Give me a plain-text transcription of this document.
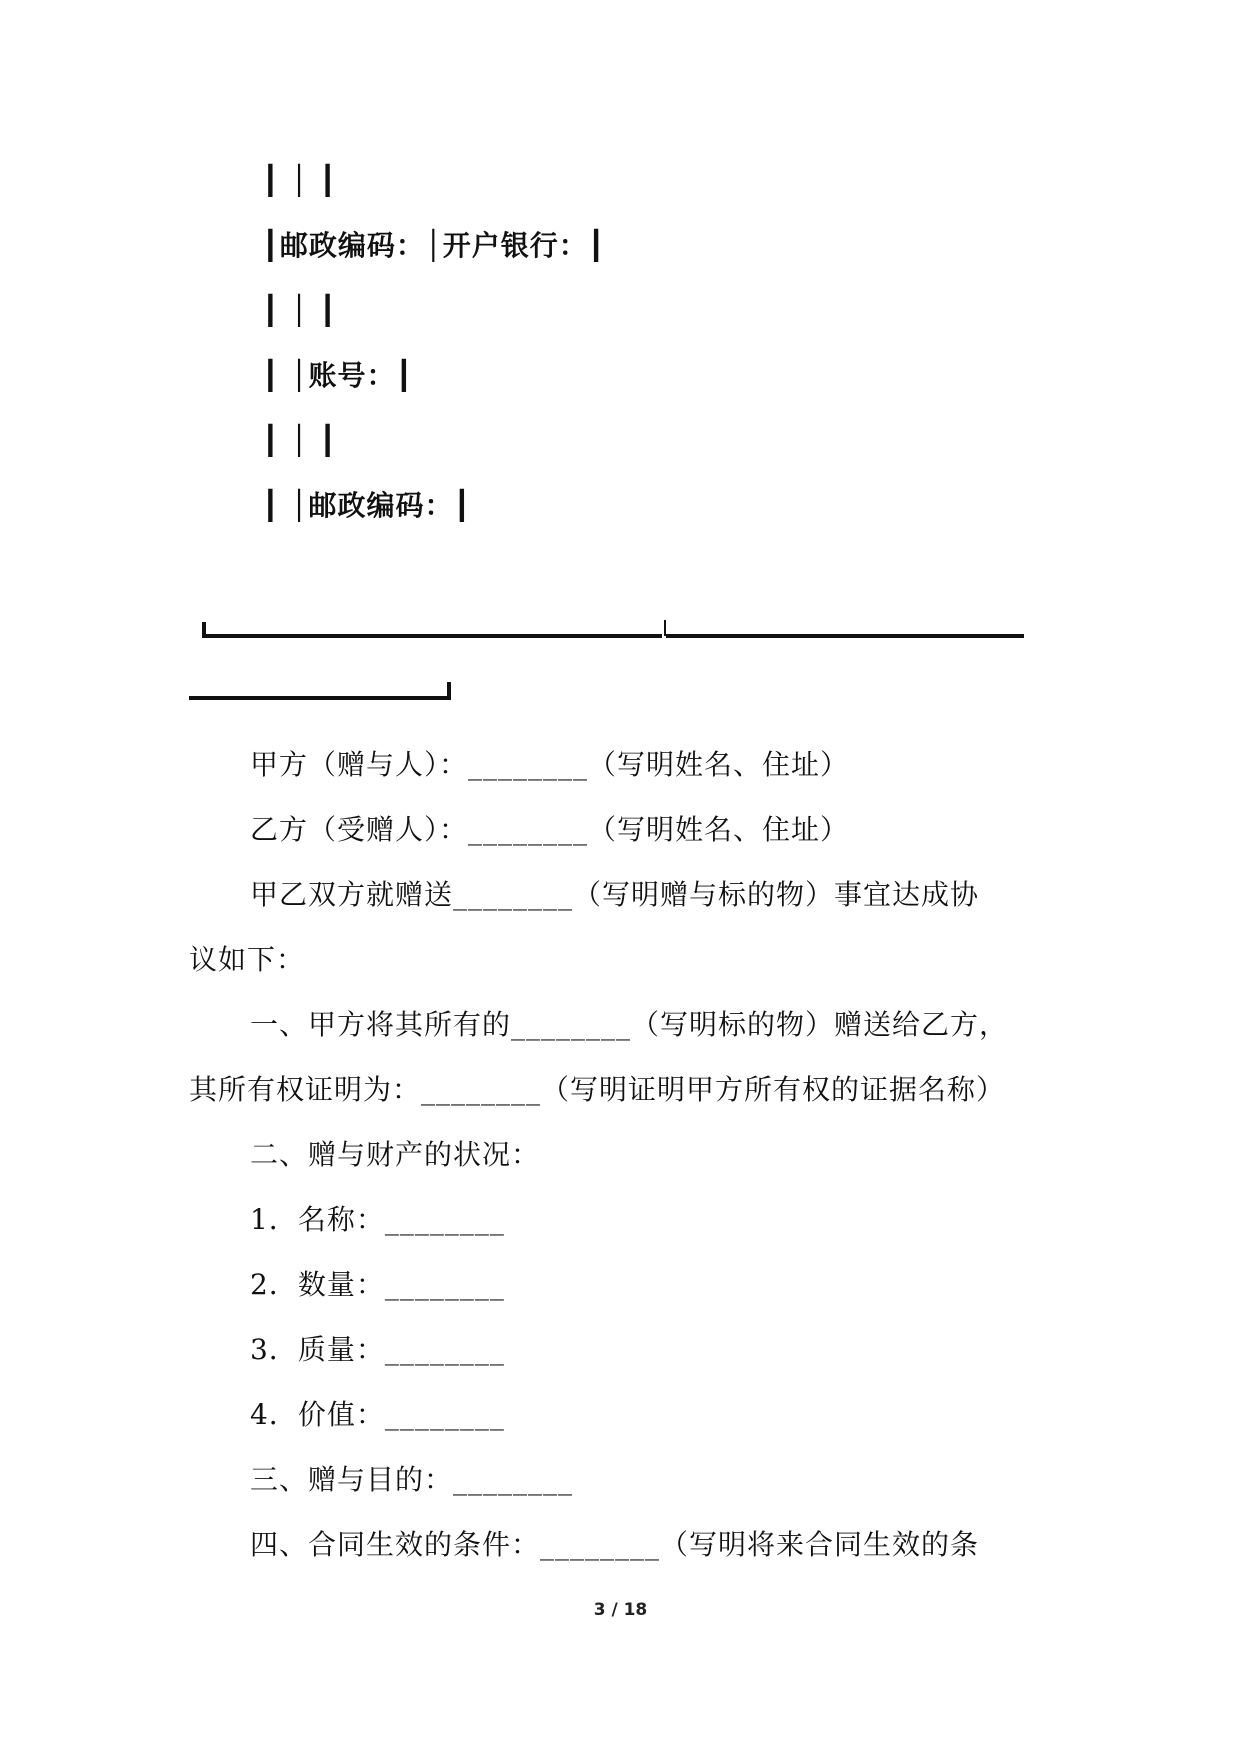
┃ │ ┃
┃邮政编码：│开户银行：┃
┃ │ ┃
┃ │账号：┃
┃ │ ┃
┃ │邮政编码：┃
甲方（赠与人）：________（写明姓名、住址）
乙方（受赠人）：________（写明姓名、住址）
甲乙双方就赠送________（写明赠与标的物）事宜达成协
议如下：
一、甲方将其所有的________（写明标的物）赠送给乙方，
其所有权证明为：________（写明证明甲方所有权的证据名称）
二、赠与财产的状况：
1．名称：________
2．数量：________
3．质量：________
4．价值：________
三、赠与目的：________
四、合同生效的条件：________（写明将来合同生效的条
3 / 18
